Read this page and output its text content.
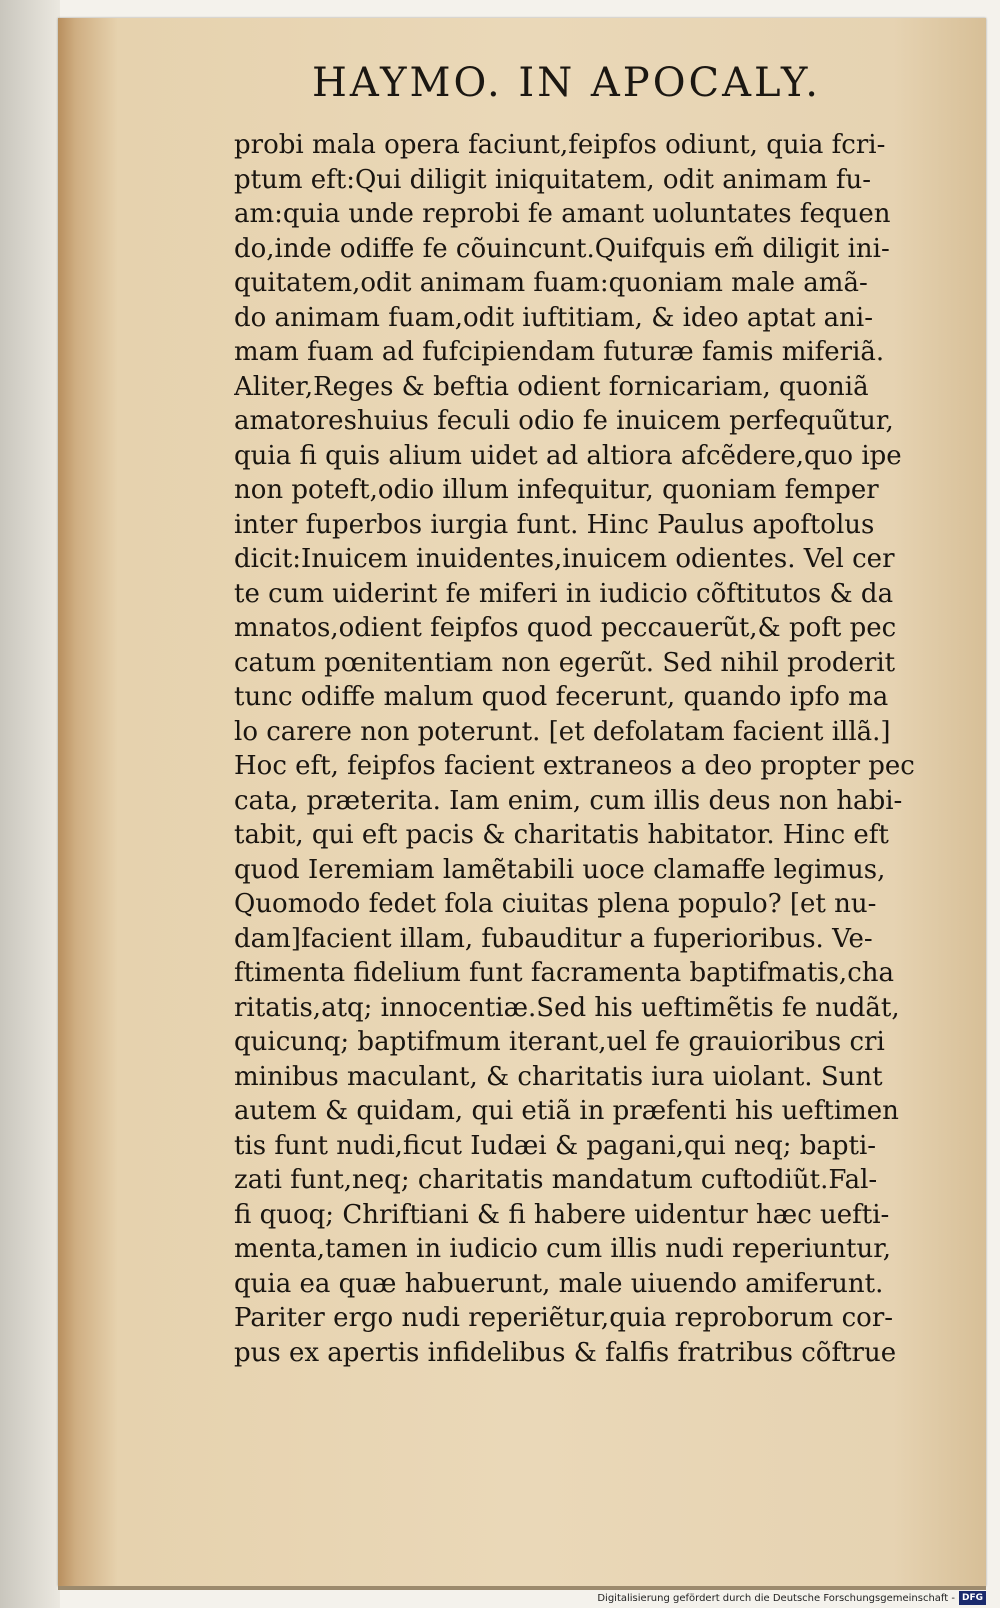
HAYMO. IN APOCALY.
probi mala opera faciunt,feipfos odiunt, quia fcri-
ptum eft:Qui diligit iniquitatem, odit animam fu-
am:quia unde reprobi fe amant uoluntates fequen
do,inde odiffe fe cõuincunt.Quifquis em̃ diligit ini-
quitatem,odit animam fuam:quoniam male amã-
do animam fuam,odit iuftitiam, & ideo aptat ani-
mam fuam ad fufcipiendam futuræ famis miferiã.
Aliter,Reges & beftia odient fornicariam, quoniã
amatoreshuius feculi odio fe inuicem perfequũtur,
quia fi quis alium uidet ad altiora afcẽdere,quo ipe
non poteft,odio illum infequitur, quoniam femper
inter fuperbos iurgia funt. Hinc Paulus apoftolus
dicit:Inuicem inuidentes,inuicem odientes. Vel cer
te cum uiderint fe miferi in iudicio cõftitutos & da
mnatos,odient feipfos quod peccauerũt,& poft pec
catum pœnitentiam non egerũt. Sed nihil proderit
tunc odiffe malum quod fecerunt, quando ipfo ma
lo carere non poterunt. [et defolatam facient illã.]
Hoc eft, feipfos facient extraneos a deo propter pec
cata, præterita. Iam enim, cum illis deus non habi-
tabit, qui eft pacis & charitatis habitator. Hinc eft
quod Ieremiam lamẽtabili uoce clamaffe legimus,
Quomodo fedet fola ciuitas plena populo? [et nu-
dam]facient illam, fubauditur a fuperioribus. Ve-
ftimenta fidelium funt facramenta baptifmatis,cha
ritatis,atq; innocentiæ.Sed his ueftimẽtis fe nudãt,
quicunq; baptifmum iterant,uel fe grauioribus cri
minibus maculant, & charitatis iura uiolant. Sunt
autem & quidam, qui etiã in præfenti his ueftimen
tis funt nudi,ficut Iudæi & pagani,qui neq; bapti-
zati funt,neq; charitatis mandatum cuftodiũt.Fal-
fi quoq; Chriftiani & fi habere uidentur hæc uefti-
menta,tamen in iudicio cum illis nudi reperiuntur,
quia ea quæ habuerunt, male uiuendo amiferunt.
Pariter ergo nudi reperiẽtur,quia reproborum cor-
pus ex apertis infidelibus & falfis fratribus cõftrue
Digitalisierung gefördert durch die Deutsche Forschungsgemeinschaft - DFG
